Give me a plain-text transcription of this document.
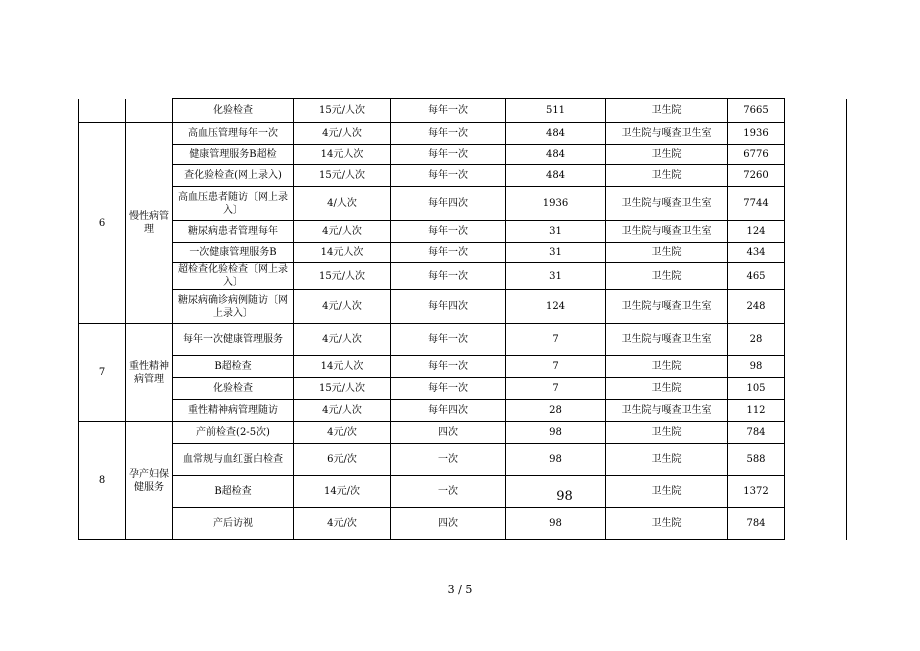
		化验检查	15元/人次	每年一次	511	卫生院	7665	
6	慢性病管理	高血压管理每年一次	4元/人次	每年一次	484	卫生院与嘎查卫生室	1936	
		健康管理服务B超检	14元人次	每年一次	484	卫生院	6776	
		查化验检查(网上录入)	15元/人次	每年一次	484	卫生院	7260	
		高血压患者随访〔网上录入〕	4/人次	每年四次	1936	卫生院与嘎查卫生室	7744	
		糖尿病患者管理每年	4元/人次	每年一次	31	卫生院与嘎查卫生室	124	
		一次健康管理服务B	14元人次	每年一次	31	卫生院	434	
		超检查化验检查〔网上录入〕	15元/人次	每年一次	31	卫生院	465	
		糖尿病确诊病例随访〔网上录入〕	4元/人次	每年四次	124	卫生院与嘎查卫生室	248	
7	重性精神病管理	每年一次健康管理服务	4元/人次	每年一次	7	卫生院与嘎查卫生室	28	
		B超检查	14元人次	每年一次	7	卫生院	98	
		化验检查	15元/人次	每年一次	7	卫生院	105	
		重性精神病管理随访	4元/人次	每年四次	28	卫生院与嘎查卫生室	112	
8	孕产妇保健服务	产前检查(2-5次)	4元/次	四次	98	卫生院	784	
		血常规与血红蛋白检查	6元/次	一次	98	卫生院	588	
		B超检查	14元/次	一次	98	卫生院	1372	
		产后访视	4元/次	四次	98	卫生院	784	
3 / 5
